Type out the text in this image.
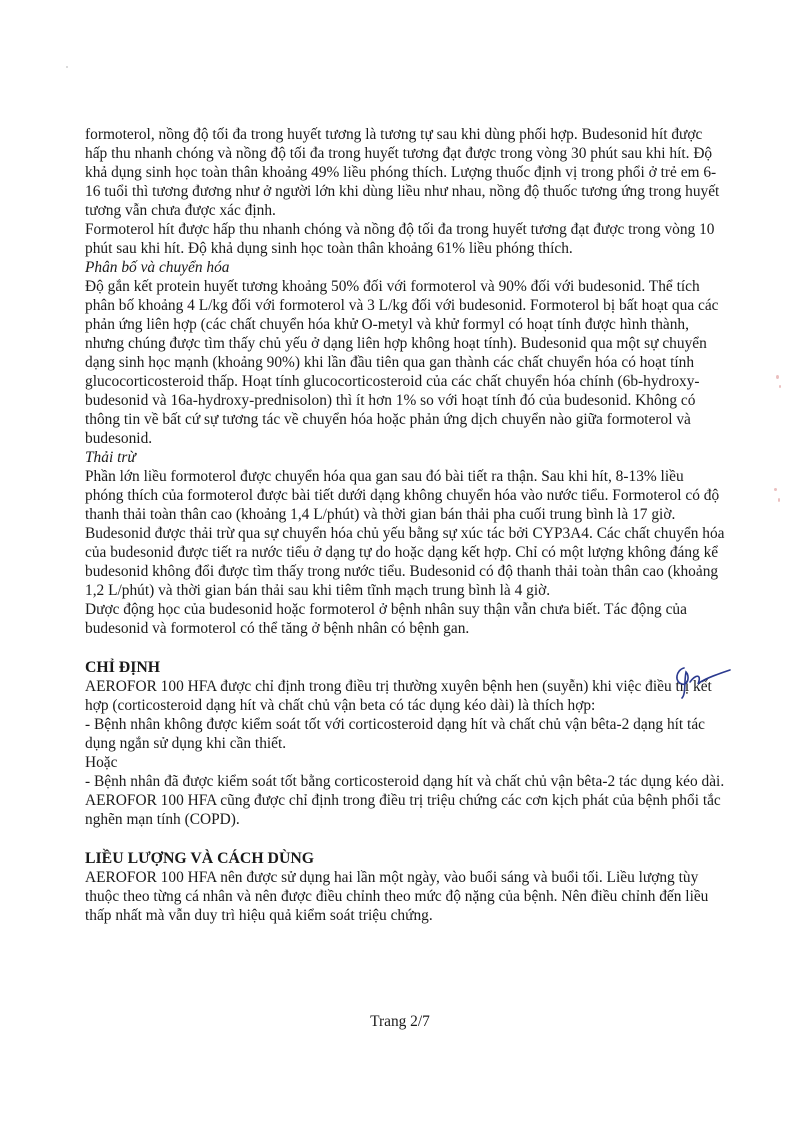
formoterol, nồng độ tối đa trong huyết tương là tương tự sau khi dùng phối hợp. Budesonid hít được hấp thu nhanh chóng và nồng độ tối đa trong huyết tương đạt được trong vòng 30 phút sau khi hít. Độ khả dụng sinh học toàn thân khoảng 49% liều phóng thích. Lượng thuốc định vị trong phổi ở trẻ em 6-16 tuổi thì tương đương như ở người lớn khi dùng liều như nhau, nồng độ thuốc tương ứng trong huyết tương vẫn chưa được xác định.

Formoterol hít được hấp thu nhanh chóng và nồng độ tối đa trong huyết tương đạt được trong vòng 10 phút sau khi hít. Độ khả dụng sinh học toàn thân khoảng 61% liều phóng thích.

Phân bố và chuyển hóa

Độ gắn kết protein huyết tương khoảng 50% đối với formoterol và 90% đối với budesonid. Thể tích phân bố khoảng 4 L/kg đối với formoterol và 3 L/kg đối với budesonid. Formoterol bị bất hoạt qua các phản ứng liên hợp (các chất chuyển hóa khử O-metyl và khử formyl có hoạt tính được hình thành, nhưng chúng được tìm thấy chủ yếu ở dạng liên hợp không hoạt tính). Budesonid qua một sự chuyển dạng sinh học mạnh (khoảng 90%) khi lần đầu tiên qua gan thành các chất chuyển hóa có hoạt tính glucocorticosteroid thấp. Hoạt tính glucocorticosteroid của các chất chuyển hóa chính (6b-hydroxy-budesonid và 16a-hydroxy-prednisolon) thì ít hơn 1% so với hoạt tính đó của budesonid. Không có thông tin về bất cứ sự tương tác về chuyển hóa hoặc phản ứng dịch chuyển nào giữa formoterol và budesonid.

Thải trừ

Phần lớn liều formoterol được chuyển hóa qua gan sau đó bài tiết ra thận. Sau khi hít, 8-13% liều phóng thích của formoterol được bài tiết dưới dạng không chuyển hóa vào nước tiểu. Formoterol có độ thanh thải toàn thân cao (khoảng 1,4 L/phút) và thời gian bán thải pha cuối trung bình là 17 giờ.

Budesonid được thải trừ qua sự chuyển hóa chủ yếu bằng sự xúc tác bởi CYP3A4. Các chất chuyển hóa của budesonid được tiết ra nước tiểu ở dạng tự do hoặc dạng kết hợp. Chỉ có một lượng không đáng kể budesonid không đổi được tìm thấy trong nước tiểu. Budesonid có độ thanh thải toàn thân cao (khoảng 1,2 L/phút) và thời gian bán thải sau khi tiêm tĩnh mạch trung bình là 4 giờ.

Dược động học của budesonid hoặc formoterol ở bệnh nhân suy thận vẫn chưa biết. Tác động của budesonid và formoterol có thể tăng ở bệnh nhân có bệnh gan.

CHỈ ĐỊNH

AEROFOR 100 HFA được chỉ định trong điều trị thường xuyên bệnh hen (suyễn) khi việc điều trị kết hợp (corticosteroid dạng hít và chất chủ vận beta có tác dụng kéo dài) là thích hợp:

- Bệnh nhân không được kiểm soát tốt với corticosteroid dạng hít và chất chủ vận bêta-2 dạng hít tác dụng ngắn sử dụng khi cần thiết.

Hoặc

- Bệnh nhân đã được kiểm soát tốt bằng corticosteroid dạng hít và chất chủ vận bêta-2 tác dụng kéo dài.

AEROFOR 100 HFA cũng được chỉ định trong điều trị triệu chứng các cơn kịch phát của bệnh phổi tắc nghẽn mạn tính (COPD).

LIỀU LƯỢNG VÀ CÁCH DÙNG

AEROFOR 100 HFA nên được sử dụng hai lần một ngày, vào buổi sáng và buổi tối. Liều lượng tùy thuộc theo từng cá nhân và nên được điều chỉnh theo mức độ nặng của bệnh. Nên điều chỉnh đến liều thấp nhất mà vẫn duy trì hiệu quả kiểm soát triệu chứng.

Trang 2/7
